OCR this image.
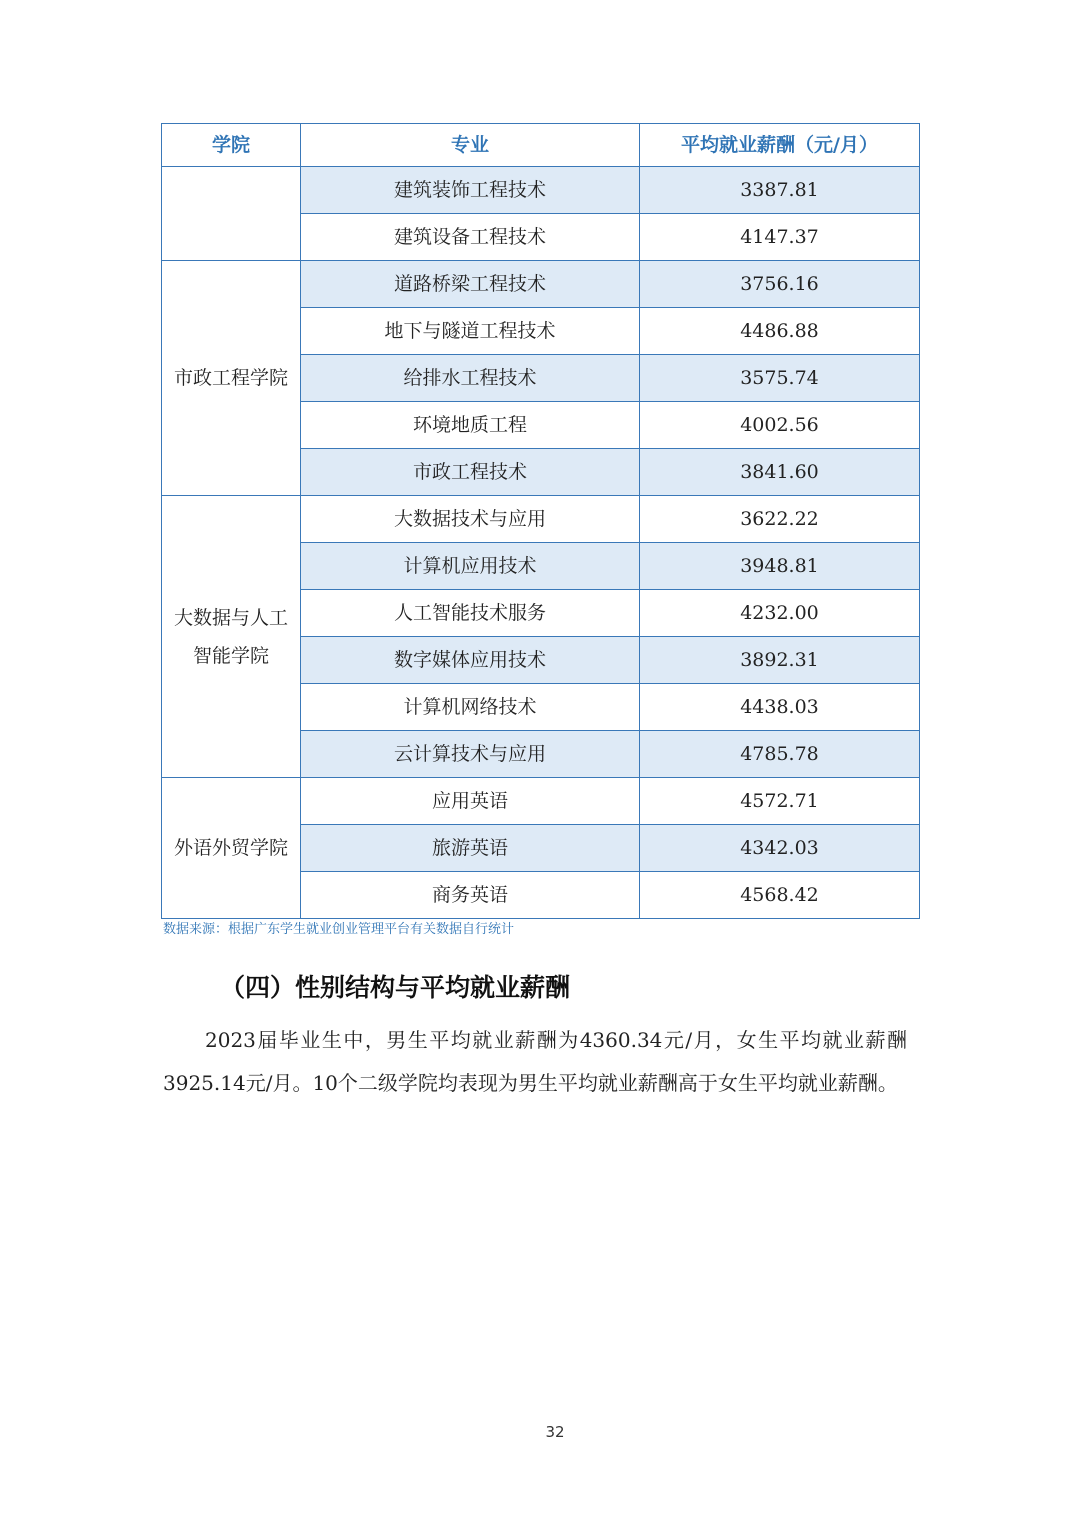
学院	专业	平均就业薪酬（元/月）
	建筑装饰工程技术	3387.81
	建筑设备工程技术	4147.37
市政工程学院	道路桥梁工程技术	3756.16
	地下与隧道工程技术	4486.88
	给排水工程技术	3575.74
	环境地质工程	4002.56
	市政工程技术	3841.60
大数据与人工智能学院	大数据技术与应用	3622.22
	计算机应用技术	3948.81
	人工智能技术服务	4232.00
	数字媒体应用技术	3892.31
	计算机网络技术	4438.03
	云计算技术与应用	4785.78
外语外贸学院	应用英语	4572.71
	旅游英语	4342.03
	商务英语	4568.42
数据来源：根据广东学生就业创业管理平台有关数据自行统计
（四）性别结构与平均就业薪酬

2023届毕业生中，男生平均就业薪酬为4360.34元/月，女生平均就业薪酬3925.14元/月。10个二级学院均表现为男生平均就业薪酬高于女生平均就业薪酬。

32
